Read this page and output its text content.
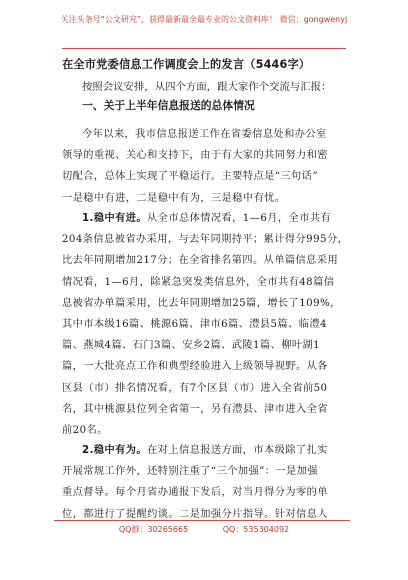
关注头条号“公文研究”，获得最新最全最专业的公文资料库！ 微信：gongwenyj
在全市党委信息工作调度会上的发言（5446字）
按照会议安排，从四个方面，跟大家作个交流与汇报：
一、关于上半年信息报送的总体情况
今年以来，我市信息报送工作在省委信息处和办公室
领导的重视、关心和支持下，由于有大家的共同努力和密
切配合，总体上实现了平稳运行。主要特点是“三句话”
一是稳中有进，二是稳中有为，三是稳中有忧。
1.稳中有进。从全市总体情况看，1—6月，全市共有
204条信息被省办采用，与去年同期持平；累计得分995分，
比去年同期增加217分；在全省排名第四。从单篇信息采用
情况看，1—6月，除紧急突发类信息外，全市共有48篇信
息被省办单篇采用，比去年同期增加25篇，增长了109%，
其中市本级16篇、桃源6篇、津市6篇、澧县5篇、临澧4
篇、燕城4篇、石门3篇、安乡2篇、武陵1篇、柳叶湖1
篇，一大批亮点工作和典型经验进入上级领导视野。从各
区县（市）排名情况看，有7个区县（市）进入全省前50
名，其中桃源县位列全省第一，另有澧县、津市进入全省
前20名。
2.稳中有为。在对上信息报送方面，市本级除了扎实
开展常规工作外，还特别注重了“三个加强”：一是加强
重点督导。每个月省办通报下发后，对当月得分为零的单
位，都进行了提醒约谈。二是加强分片指导。针对信息人
QQ群：30265665	QQ：535304092
